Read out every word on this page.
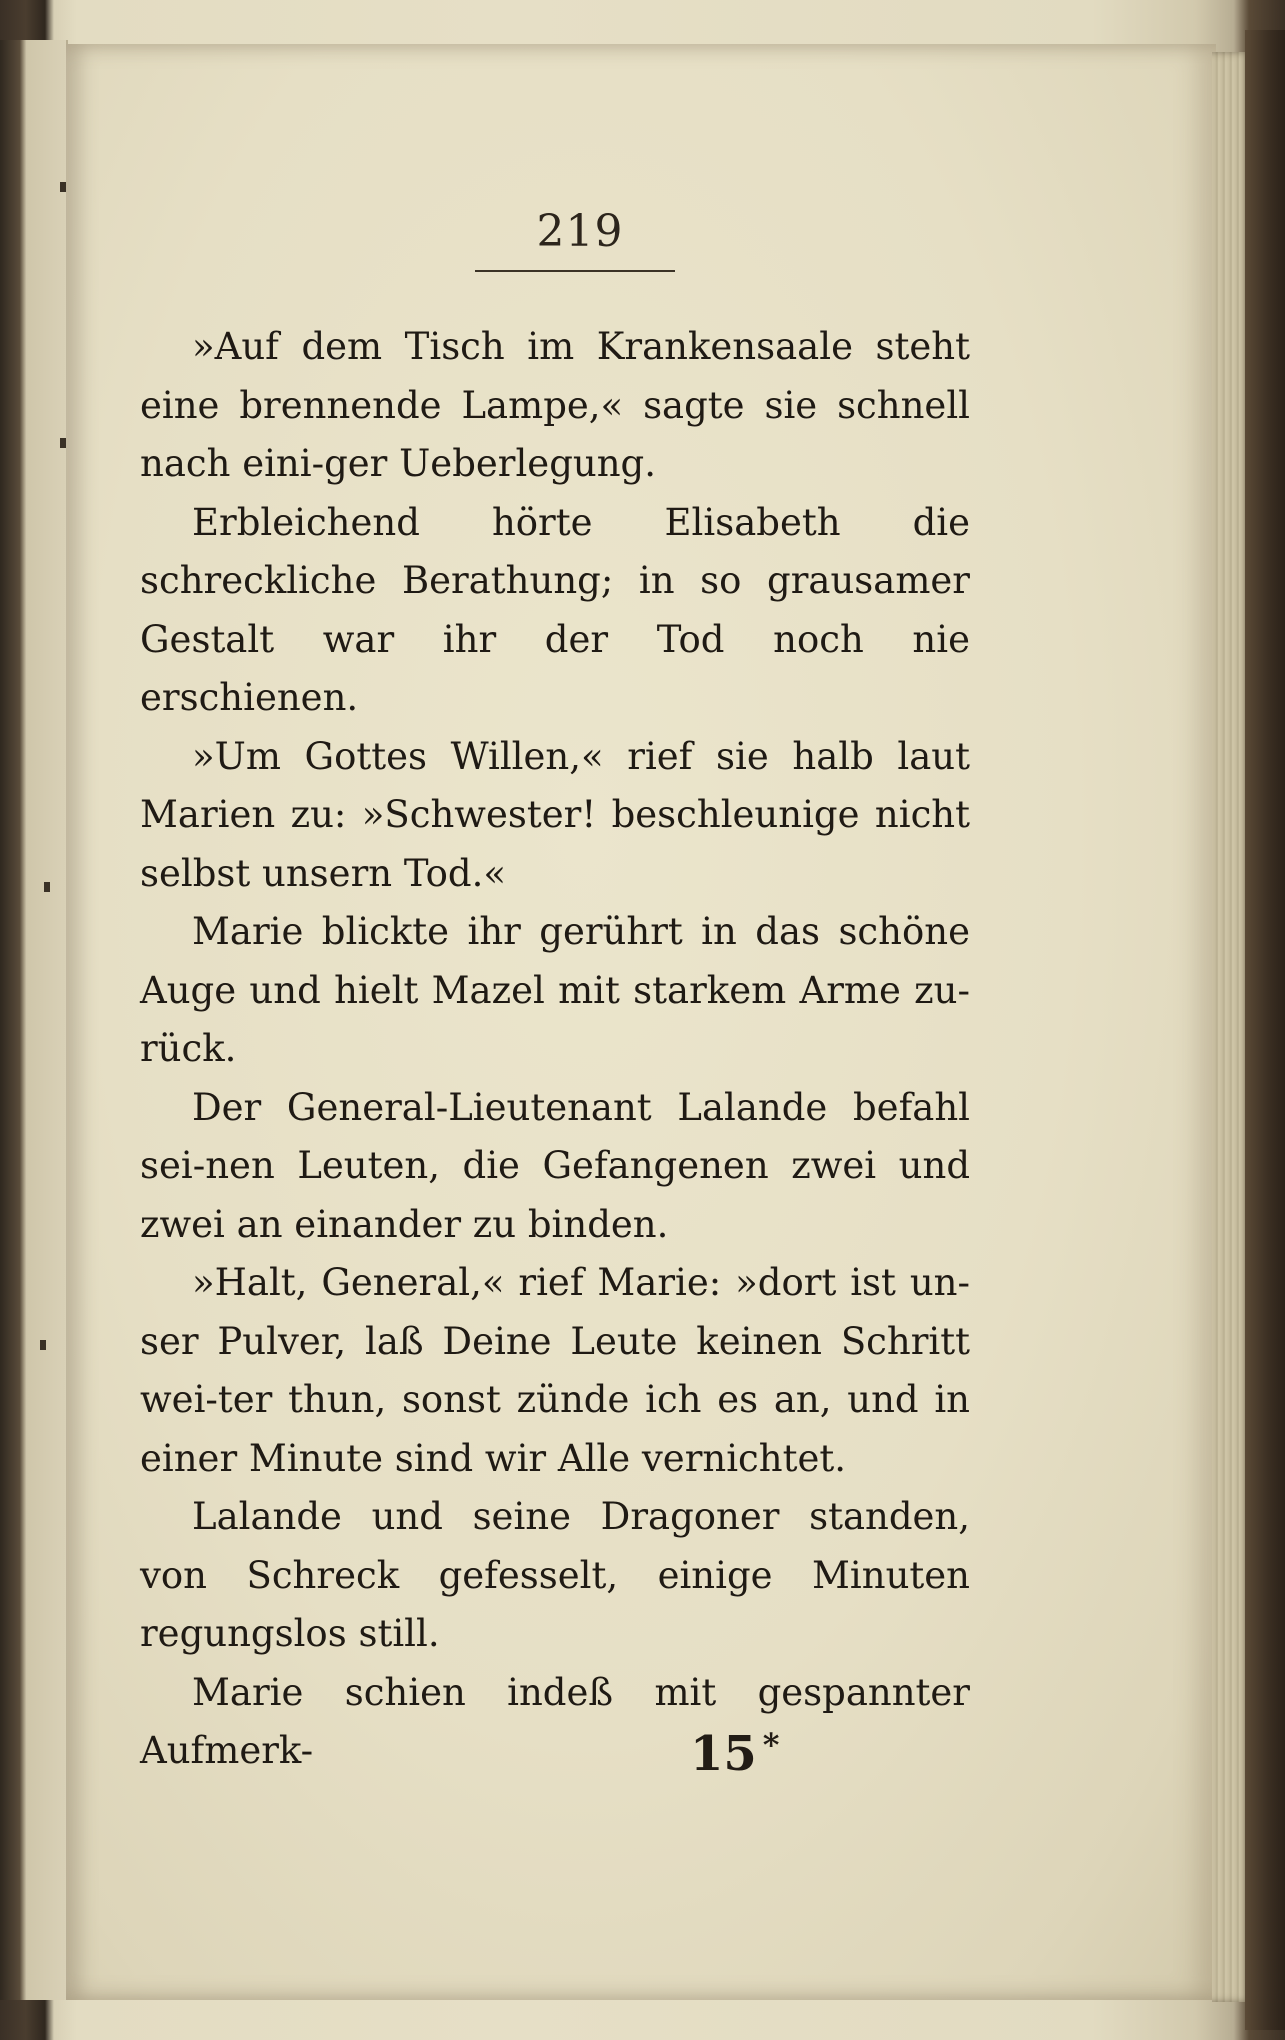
219

»Auf dem Tisch im Krankensaale steht eine brennende Lampe,« sagte sie schnell nach eini-ger Ueberlegung.

Erbleichend hörte Elisabeth die schreckliche Berathung; in so grausamer Gestalt war ihr der Tod noch nie erschienen.

»Um Gottes Willen,« rief sie halb laut Marien zu: »Schwester! beschleunige nicht selbst unsern Tod.«

Marie blickte ihr gerührt in das schöne Auge und hielt Mazel mit starkem Arme zu-rück.

Der General-Lieutenant Lalande befahl sei-nen Leuten, die Gefangenen zwei und zwei an einander zu binden.

»Halt, General,« rief Marie: »dort ist un-ser Pulver, laß Deine Leute keinen Schritt wei-ter thun, sonst zünde ich es an, und in einer Minute sind wir Alle vernichtet.

Lalande und seine Dragoner standen, von Schreck gefesselt, einige Minuten regungslos still.

Marie schien indeß mit gespannter Aufmerk-	15 *
